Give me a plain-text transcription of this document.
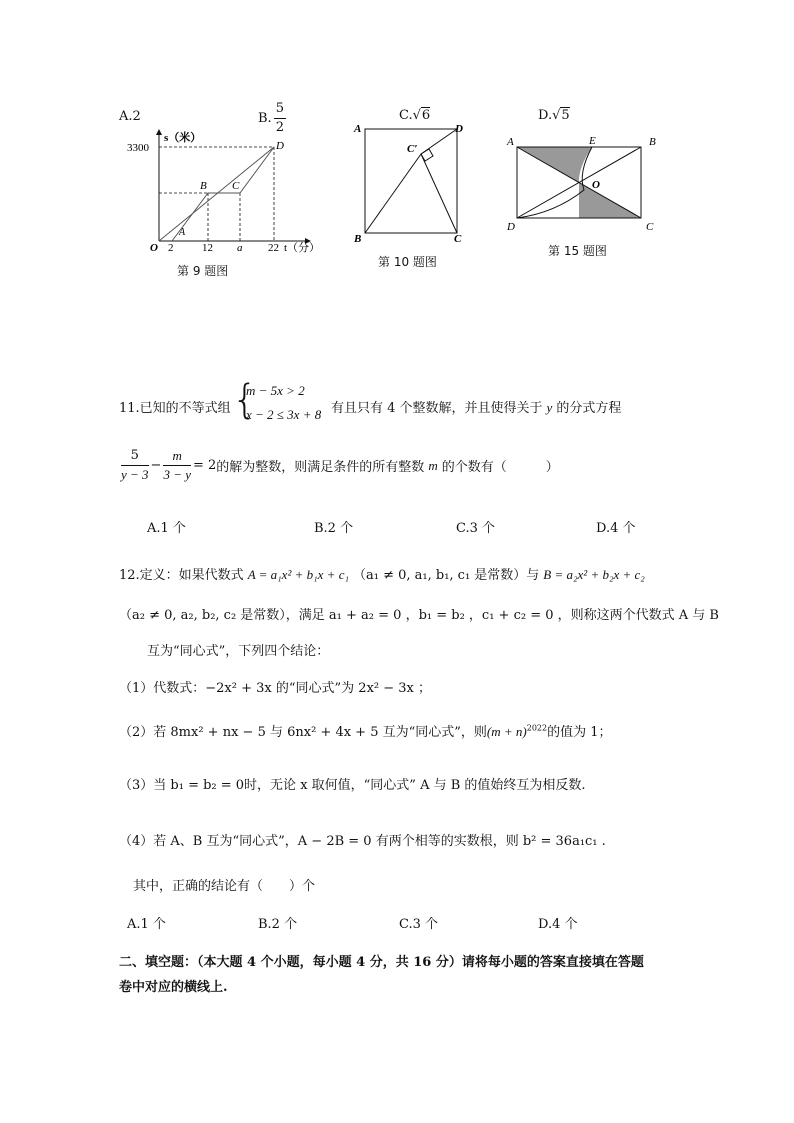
A.2	B. $\frac{5}{2}$	C.√6	D.√5
s（米）
3300	D
B C
A
O 2	12 a 22 t（分）
第 9 题图
A	D
C′
B	C
第 10 题图
A	E	B
O
D	C
第 15 题图
11.已知的不等式组 {
m − 5x > 2
x − 2 ≤ 3x + 8 有且只有 4 个整数解，并且使得关于 y 的分式方程
$\frac{5}{y - 3} - \frac{m}{3 - y} = 2$的解为整数，则满足条件的所有整数 m 的个数有（　　　）
A.1 个	B.2 个	C.3 个	D.4 个
12.定义：如果代数式 A = a₁x² + b₁x + c₁ （a₁ ≠ 0, a₁, b₁, c₁ 是常数）与 B = a₂x² + b₂x + c₂
（a₂ ≠ 0, a₂, b₂, c₂ 是常数），满足 a₁ + a₂ = 0 ，b₁ = b₂ ，c₁ + c₂ = 0 ，则称这两个代数式 A 与 B
互为“同心式”，下列四个结论：
（1）代数式：−2x² + 3x 的“同心式”为 2x² − 3x ；
（2）若 8mx² + nx − 5 与 6nx² + 4x + 5 互为“同心式”，则$(m + n)^{2022}$的值为 1；
（3）当 b₁ = b₂ = 0时，无论 x 取何值，“同心式” A 与 B 的值始终互为相反数.
（4）若 A、B 互为“同心式”，A − 2B = 0 有两个相等的实数根，则 b² = 36a₁c₁ .
其中，正确的结论有（　　）个
A.1 个	B.2 个	C.3 个	D.4 个
二、填空题：（本大题 4 个小题，每小题 4 分，共 16 分）请将每小题的答案直接填在答题
卷中对应的横线上.
